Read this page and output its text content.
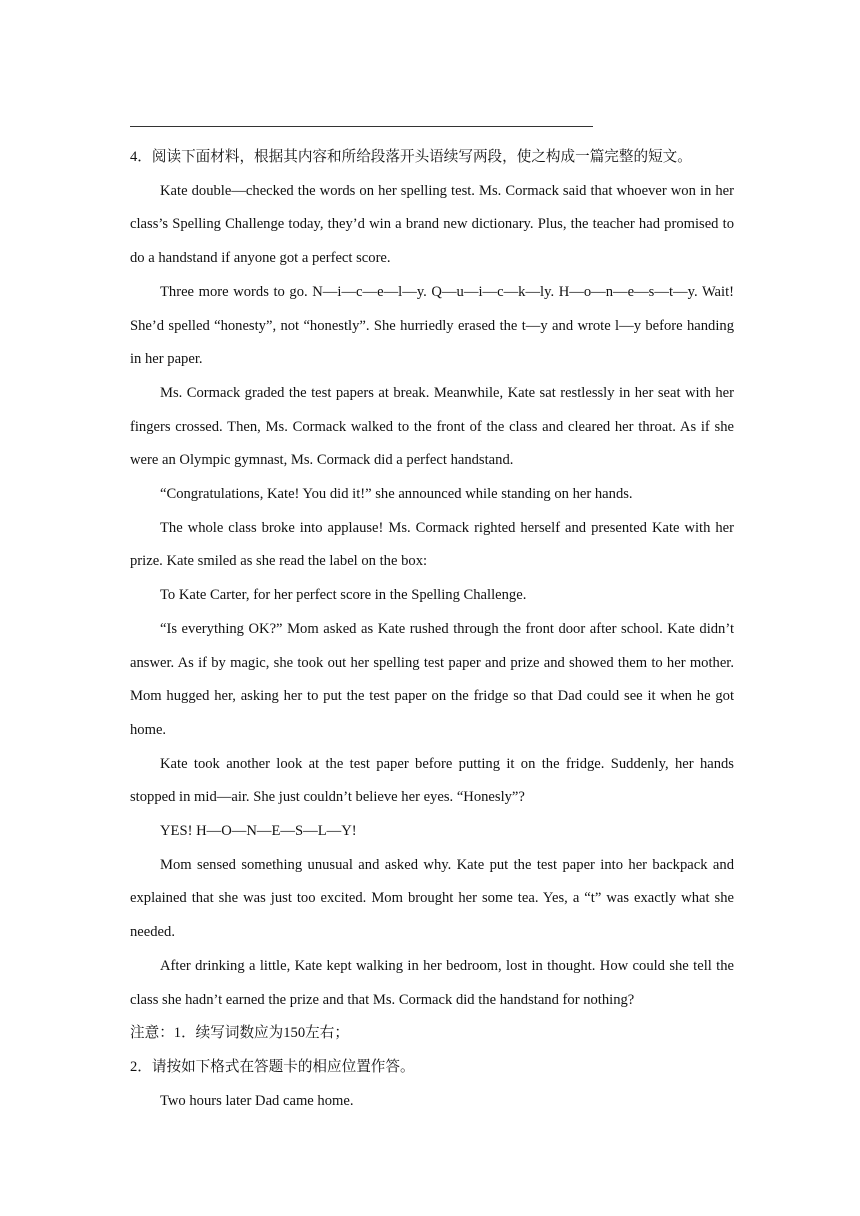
4．阅读下面材料，根据其内容和所给段落开头语续写两段，使之构成一篇完整的短文。

Kate double—checked the words on her spelling test. Ms. Cormack said that whoever won in her class’s Spelling Challenge today, they’d win a brand new dictionary. Plus, the teacher had promised to do a handstand if anyone got a perfect score.

Three more words to go. N—i—c—e—l—y. Q—u—i—c—k—ly. H—o—n—e—s—t—y. Wait! She’d spelled “honesty”, not “honestly”. She hurriedly erased the t—y and wrote l—y before handing in her paper.

Ms. Cormack graded the test papers at break. Meanwhile, Kate sat restlessly in her seat with her fingers crossed. Then, Ms. Cormack walked to the front of the class and cleared her throat. As if she were an Olympic gymnast, Ms. Cormack did a perfect handstand.

“Congratulations, Kate! You did it!” she announced while standing on her hands.

The whole class broke into applause! Ms. Cormack righted herself and presented Kate with her prize. Kate smiled as she read the label on the box:

To Kate Carter, for her perfect score in the Spelling Challenge.

“Is everything OK?” Mom asked as Kate rushed through the front door after school. Kate didn’t answer. As if by magic, she took out her spelling test paper and prize and showed them to her mother. Mom hugged her, asking her to put the test paper on the fridge so that Dad could see it when he got home.

Kate took another look at the test paper before putting it on the fridge. Suddenly, her hands stopped in mid—air. She just couldn’t believe her eyes. “Honesly”?

YES! H—O—N—E—S—L—Y!

Mom sensed something unusual and asked why. Kate put the test paper into her backpack and explained that she was just too excited. Mom brought her some tea. Yes, a “t” was exactly what she needed.

After drinking a little, Kate kept walking in her bedroom, lost in thought. How could she tell the class she hadn’t earned the prize and that Ms. Cormack did the handstand for nothing?

注意：1．续写词数应为150左右；

2．请按如下格式在答题卡的相应位置作答。

Two hours later Dad came home.
